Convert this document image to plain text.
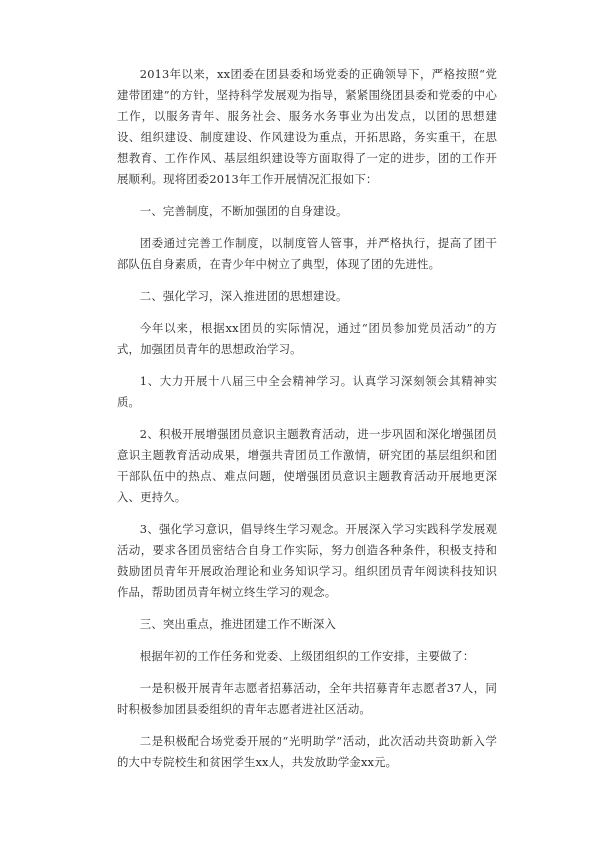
2013年以来，xx团委在团县委和场党委的正确领导下，严格按照“党建带团建”的方针，坚持科学发展观为指导，紧紧围绕团县委和党委的中心工作，以服务青年、服务社会、服务水务事业为出发点，以团的思想建设、组织建设、制度建设、作风建设为重点，开拓思路，务实重干，在思想教育、工作作风、基层组织建设等方面取得了一定的进步，团的工作开展顺利。现将团委2013年工作开展情况汇报如下：

一、完善制度，不断加强团的自身建设。

团委通过完善工作制度，以制度管人管事，并严格执行，提高了团干部队伍自身素质，在青少年中树立了典型，体现了团的先进性。

二、强化学习，深入推进团的思想建设。

今年以来，根据xx团员的实际情况，通过“团员参加党员活动”的方式，加强团员青年的思想政治学习。

1、大力开展十八届三中全会精神学习。认真学习深刻领会其精神实质。

2、积极开展增强团员意识主题教育活动，进一步巩固和深化增强团员意识主题教育活动成果，增强共青团员工作激情，研究团的基层组织和团干部队伍中的热点、难点问题，使增强团员意识主题教育活动开展地更深入、更持久。

3、强化学习意识，倡导终生学习观念。开展深入学习实践科学发展观活动，要求各团员密结合自身工作实际，努力创造各种条件，积极支持和鼓励团员青年开展政治理论和业务知识学习。组织团员青年阅读科技知识作品，帮助团员青年树立终生学习的观念。

三、突出重点，推进团建工作不断深入

根据年初的工作任务和党委、上级团组织的工作安排，主要做了：

一是积极开展青年志愿者招募活动，全年共招募青年志愿者37人，同时积极参加团县委组织的青年志愿者进社区活动。

二是积极配合场党委开展的“光明助学”活动，此次活动共资助新入学的大中专院校生和贫困学生xx人，共发放助学金xx元。
